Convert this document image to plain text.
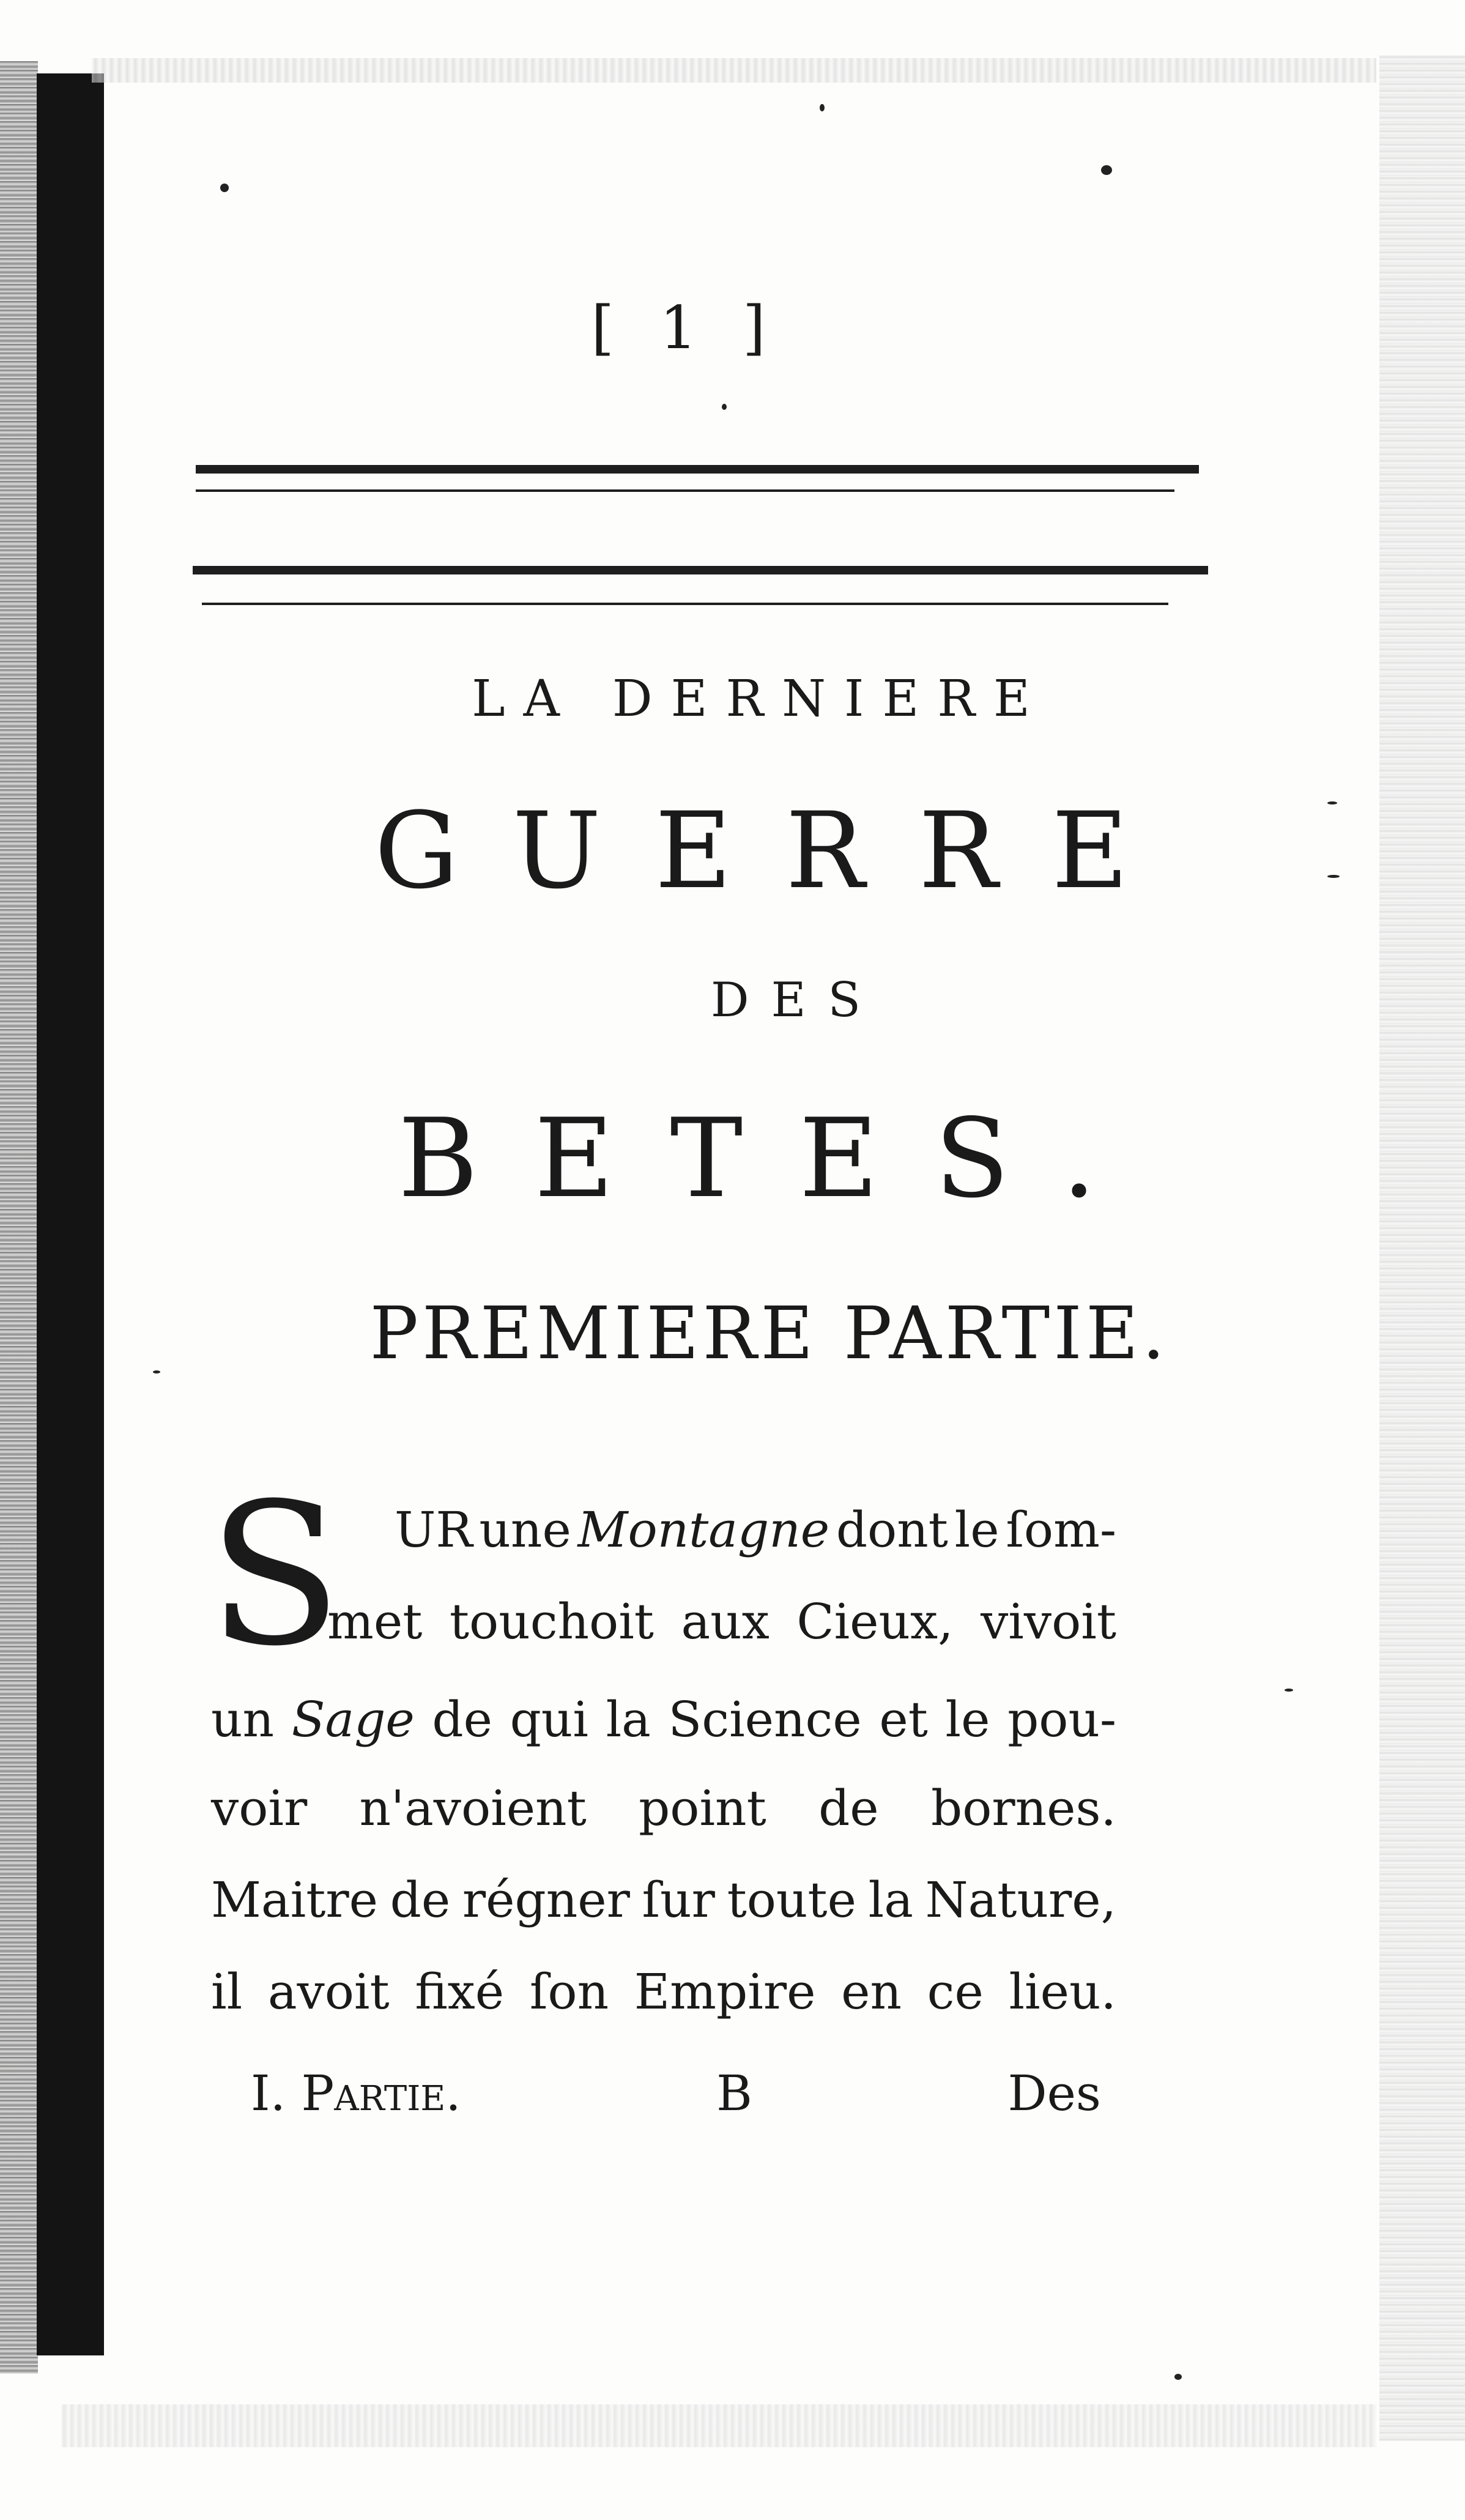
[ 1 ]
LA DERNIERE
GUERRE
DES
BETES.
PREMIERE PARTIE.
S UR une Montagne dont le ſom-
met touchoit aux Cieux, vivoit
un Sage de qui la Science et le pou-
voir n'avoient point de bornes.
Maitre de régner ſur toute la Nature,
il avoit fixé ſon Empire en ce lieu.
I. Partie.	B	Des
